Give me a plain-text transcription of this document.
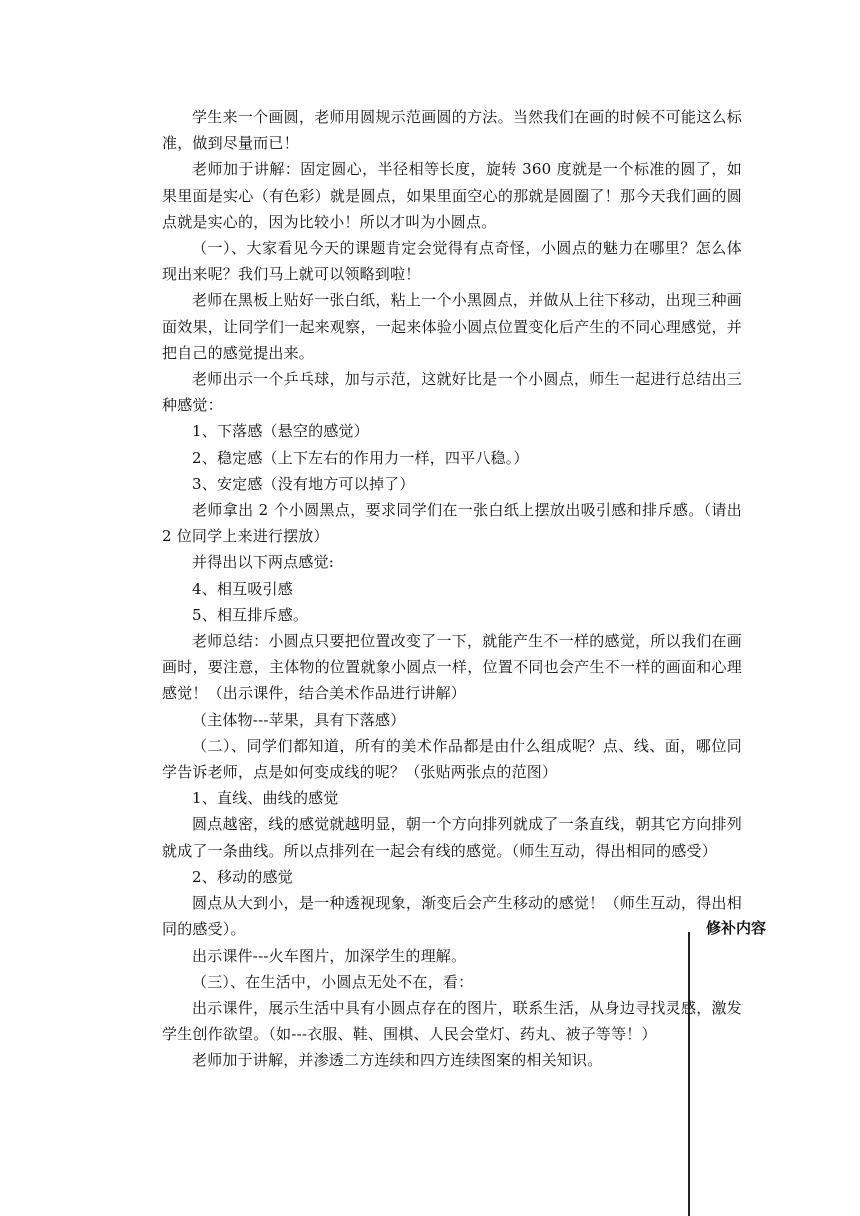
学生来一个画圆，老师用圆规示范画圆的方法。当然我们在画的时候不可能这么标准，做到尽量而已！

老师加于讲解：固定圆心，半径相等长度，旋转 360 度就是一个标准的圆了，如果里面是实心（有色彩）就是圆点，如果里面空心的那就是圆圈了！那今天我们画的圆点就是实心的，因为比较小！所以才叫为小圆点。

（一）、大家看见今天的课题肯定会觉得有点奇怪，小圆点的魅力在哪里？怎么体现出来呢？我们马上就可以领略到啦！

老师在黑板上贴好一张白纸，粘上一个小黑圆点，并做从上往下移动，出现三种画面效果，让同学们一起来观察，一起来体验小圆点位置变化后产生的不同心理感觉，并把自己的感觉提出来。

老师出示一个乒乓球，加与示范，这就好比是一个小圆点，师生一起进行总结出三种感觉：

1、下落感（悬空的感觉）

2、稳定感（上下左右的作用力一样，四平八稳。）

3、安定感（没有地方可以掉了）

老师拿出 2 个小圆黑点，要求同学们在一张白纸上摆放出吸引感和排斥感。（请出 2 位同学上来进行摆放）

并得出以下两点感觉:

4、相互吸引感

5、相互排斥感。

老师总结：小圆点只要把位置改变了一下，就能产生不一样的感觉，所以我们在画画时，要注意，主体物的位置就象小圆点一样，位置不同也会产生不一样的画面和心理感觉！（出示课件，结合美术作品进行讲解）

（主体物---苹果，具有下落感）

（二）、同学们都知道，所有的美术作品都是由什么组成呢？点、线、面，哪位同学告诉老师，点是如何变成线的呢？（张贴两张点的范图）

1、直线、曲线的感觉

圆点越密，线的感觉就越明显，朝一个方向排列就成了一条直线，朝其它方向排列就成了一条曲线。所以点排列在一起会有线的感觉。（师生互动，得出相同的感受）

2、移动的感觉

圆点从大到小，是一种透视现象，渐变后会产生移动的感觉！（师生互动，得出相同的感受）。

出示课件---火车图片，加深学生的理解。

（三）、在生活中，小圆点无处不在，看：

出示课件，展示生活中具有小圆点存在的图片，联系生活，从身边寻找灵感，激发学生创作欲望。（如---衣服、鞋、围棋、人民会堂灯、药丸、被子等等！）

老师加于讲解，并渗透二方连续和四方连续图案的相关知识。

修补内容
